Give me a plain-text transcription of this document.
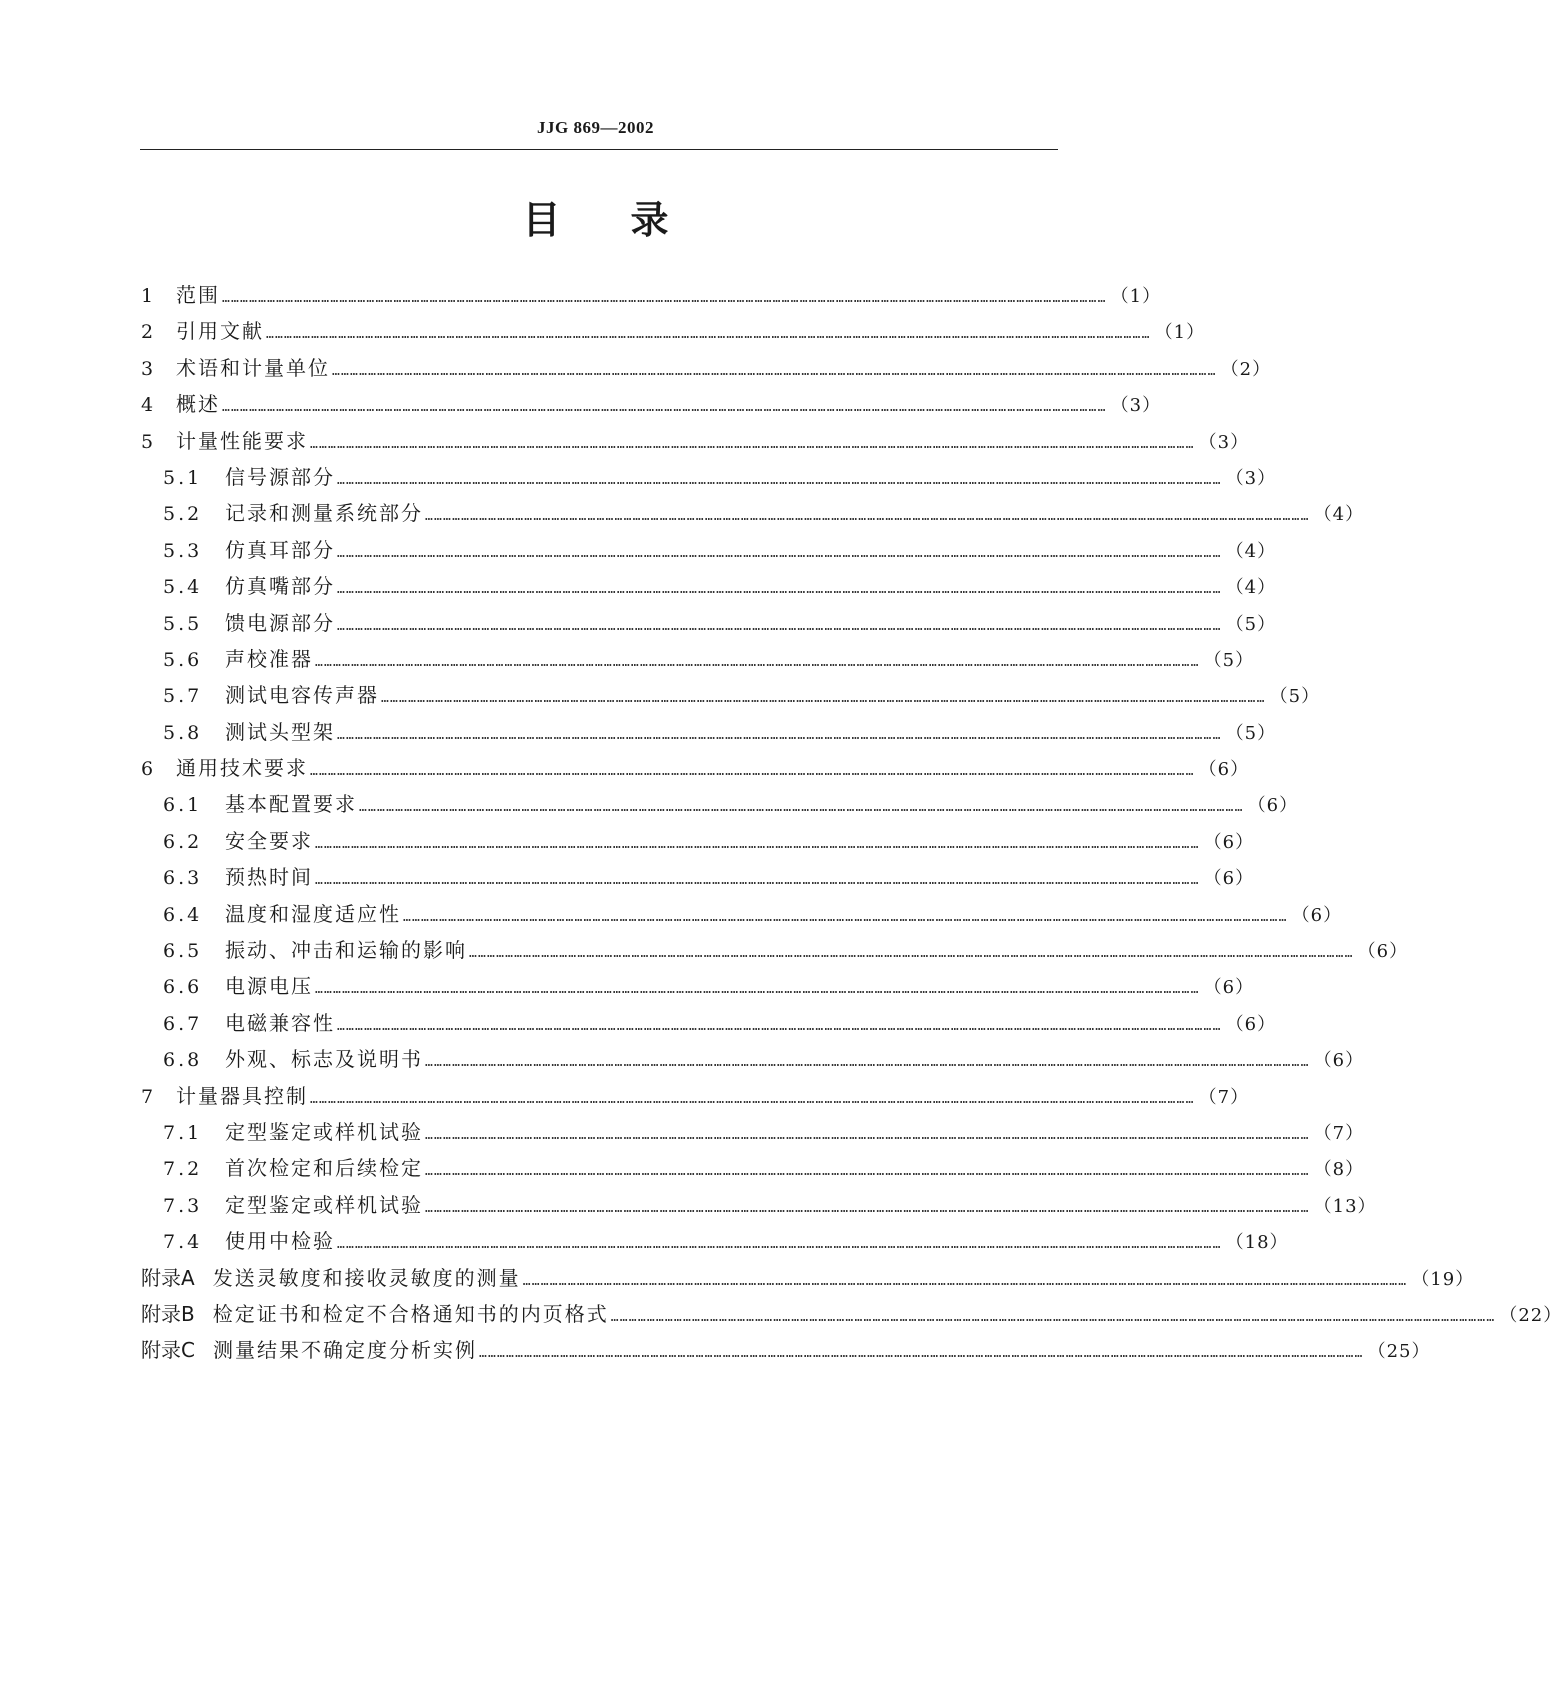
JJG 869—2002
目 录
1 范围 ……………………………………………………………………………………………………………………………………………………………………………………………………………………………………………………………………	（1）
2 引用文献 ……………………………………………………………………………………………………………………………………………………………………………………………………………………………………………………………………	（1）
3 术语和计量单位 ……………………………………………………………………………………………………………………………………………………………………………………………………………………………………………………………………	（2）
4 概述 ……………………………………………………………………………………………………………………………………………………………………………………………………………………………………………………………………	（3）
5 计量性能要求 ……………………………………………………………………………………………………………………………………………………………………………………………………………………………………………………………………	（3）
5.1	信号源部分 ……………………………………………………………………………………………………………………………………………………………………………………………………………………………………………………………………	（3）
5.2	记录和测量系统部分 ……………………………………………………………………………………………………………………………………………………………………………………………………………………………………………………………………	（4）
5.3	仿真耳部分 ……………………………………………………………………………………………………………………………………………………………………………………………………………………………………………………………………	（4）
5.4	仿真嘴部分 ……………………………………………………………………………………………………………………………………………………………………………………………………………………………………………………………………	（4）
5.5	馈电源部分 ……………………………………………………………………………………………………………………………………………………………………………………………………………………………………………………………………	（5）
5.6	声校准器 ……………………………………………………………………………………………………………………………………………………………………………………………………………………………………………………………………	（5）
5.7	测试电容传声器 ……………………………………………………………………………………………………………………………………………………………………………………………………………………………………………………………………	（5）
5.8	测试头型架 ……………………………………………………………………………………………………………………………………………………………………………………………………………………………………………………………………	（5）
6 通用技术要求 ……………………………………………………………………………………………………………………………………………………………………………………………………………………………………………………………………	（6）
6.1	基本配置要求 ……………………………………………………………………………………………………………………………………………………………………………………………………………………………………………………………………	（6）
6.2	安全要求 ……………………………………………………………………………………………………………………………………………………………………………………………………………………………………………………………………	（6）
6.3	预热时间 ……………………………………………………………………………………………………………………………………………………………………………………………………………………………………………………………………	（6）
6.4	温度和湿度适应性 ……………………………………………………………………………………………………………………………………………………………………………………………………………………………………………………………………	（6）
6.5	振动、冲击和运输的影响 ……………………………………………………………………………………………………………………………………………………………………………………………………………………………………………………………………	（6）
6.6	电源电压 ……………………………………………………………………………………………………………………………………………………………………………………………………………………………………………………………………	（6）
6.7	电磁兼容性 ……………………………………………………………………………………………………………………………………………………………………………………………………………………………………………………………………	（6）
6.8	外观、标志及说明书 ……………………………………………………………………………………………………………………………………………………………………………………………………………………………………………………………………	（6）
7 计量器具控制 ……………………………………………………………………………………………………………………………………………………………………………………………………………………………………………………………………	（7）
7.1	定型鉴定或样机试验 ……………………………………………………………………………………………………………………………………………………………………………………………………………………………………………………………………	（7）
7.2	首次检定和后续检定 ……………………………………………………………………………………………………………………………………………………………………………………………………………………………………………………………………	（8）
7.3	定型鉴定或样机试验 ……………………………………………………………………………………………………………………………………………………………………………………………………………………………………………………………………	（13）
7.4	使用中检验 ……………………………………………………………………………………………………………………………………………………………………………………………………………………………………………………………………	（18）
附录A 发送灵敏度和接收灵敏度的测量 ……………………………………………………………………………………………………………………………………………………………………………………………………………………………………………………………………	（19）
附录B 检定证书和检定不合格通知书的内页格式 ……………………………………………………………………………………………………………………………………………………………………………………………………………………………………………………………………	（22）
附录C 测量结果不确定度分析实例 ……………………………………………………………………………………………………………………………………………………………………………………………………………………………………………………………………	（25）
